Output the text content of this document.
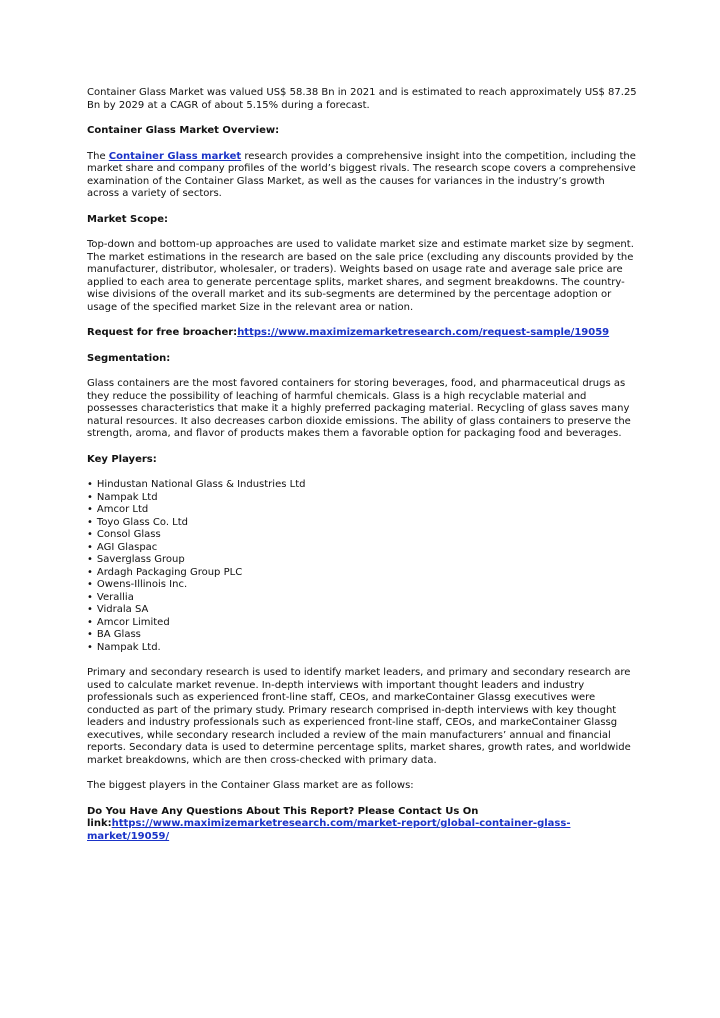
Container Glass Market was valued US$ 58.38 Bn in 2021 and is estimated to reach approximately US$ 87.25 Bn by 2029 at a CAGR of about 5.15% during a forecast.

Container Glass Market Overview:

The Container Glass market research provides a comprehensive insight into the competition, including the market share and company profiles of the world’s biggest rivals. The research scope covers a comprehensive examination of the Container Glass Market, as well as the causes for variances in the industry’s growth across a variety of sectors.

Market Scope:

Top-down and bottom-up approaches are used to validate market size and estimate market size by segment. The market estimations in the research are based on the sale price (excluding any discounts provided by the manufacturer, distributor, wholesaler, or traders). Weights based on usage rate and average sale price are applied to each area to generate percentage splits, market shares, and segment breakdowns. The country-wise divisions of the overall market and its sub-segments are determined by the percentage adoption or usage of the specified market Size in the relevant area or nation.

Request for free broacher:https://www.maximizemarketresearch.com/request-sample/19059

Segmentation:

Glass containers are the most favored containers for storing beverages, food, and pharmaceutical drugs as they reduce the possibility of leaching of harmful chemicals. Glass is a high recyclable material and possesses characteristics that make it a highly preferred packaging material. Recycling of glass saves many natural resources. It also decreases carbon dioxide emissions. The ability of glass containers to preserve the strength, aroma, and flavor of products makes them a favorable option for packaging food and beverages.

Key Players:

• Hindustan National Glass & Industries Ltd
• Nampak Ltd
• Amcor Ltd
• Toyo Glass Co. Ltd
• Consol Glass
• AGI Glaspac
• Saverglass Group
• Ardagh Packaging Group PLC
• Owens-Illinois Inc.
• Verallia
• Vidrala SA
• Amcor Limited
• BA Glass
• Nampak Ltd.

Primary and secondary research is used to identify market leaders, and primary and secondary research are used to calculate market revenue. In-depth interviews with important thought leaders and industry professionals such as experienced front-line staff, CEOs, and markeContainer Glassg executives were conducted as part of the primary study. Primary research comprised in-depth interviews with key thought leaders and industry professionals such as experienced front-line staff, CEOs, and markeContainer Glassg executives, while secondary research included a review of the main manufacturers’ annual and financial reports. Secondary data is used to determine percentage splits, market shares, growth rates, and worldwide market breakdowns, which are then cross-checked with primary data.

The biggest players in the Container Glass market are as follows:

Do You Have Any Questions About This Report? Please Contact Us On link:https://www.maximizemarketresearch.com/market-report/global-container-glass-market/19059/
